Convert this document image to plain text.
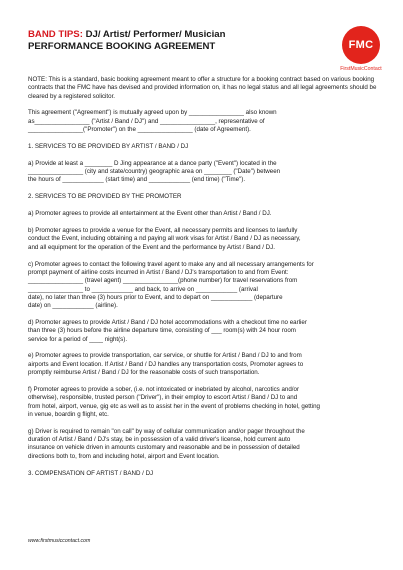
BAND TIPS: DJ/ Artist/ Performer/ Musician
PERFORMANCE BOOKING AGREEMENT	FMC
FirstMusicContact

NOTE: This is a standard, basic booking agreement meant to offer a structure for a booking contract based on various booking contracts that the FMC have has devised and provided information on, it has no legal status and all legal agreements should be cleared by a registered solicitor.

This agreement ("Agreement") is mutually agreed upon by ________________ also known

as________________ ("Artist / Band / DJ") and ________________, representative of

________________("Promoter") on the ________________ (date of Agreement).

1. SERVICES TO BE PROVIDED BY ARTIST / BAND / DJ

a) Provide at least a ________ D Jing appearance at a dance party ("Event") located in the

________________ (city and state/country) geographic area on ________ ("Date") between

the hours of ____________ (start time) and ____________ (end time) ("Time").

2. SERVICES TO BE PROVIDED BY THE PROMOTER

a) Promoter agrees to provide all entertainment at the Event other than Artist / Band / DJ.

b) Promoter agrees to provide a venue for the Event, all necessary permits and licenses to lawfully

conduct the Event, including obtaining a nd paying all work visas for Artist / Band / DJ as necessary,

and all equipment for the operation of the Event and the performance by Artist / Band / DJ.

c) Promoter agrees to contact the following travel agent to make any and all necessary arrangements for

prompt payment of airline costs incurred in Artist / Band / DJ's transportation to and from Event:

________________ (travel agent) ________________(phone number) for travel reservations from

________________ to ____________ and back, to arrive on ____________ (arrival

date), no later than three (3) hours prior to Event, and to depart on ____________ (departure

date) on ____________ (airline).

d) Promoter agrees to provide Artist / Band / DJ hotel accommodations with a checkout time no earlier

than three (3) hours before the airline departure time, consisting of ___ room(s) with 24 hour room

service for a period of ____ night(s).

e) Promoter agrees to provide transportation, car service, or shuttle for Artist / Band / DJ to and from

airports and Event location. If Artist / Band / DJ handles any transportation costs, Promoter agrees to

promptly reimburse Artist / Band / DJ for the reasonable costs of such transportation.

f) Promoter agrees to provide a sober, (i.e. not intoxicated or inebriated by alcohol, narcotics and/or

otherwise), responsible, trusted person ("Driver"), in their employ to escort Artist / Band / DJ to and

from hotel, airport, venue, gig etc as well as to assist her in the event of problems checking in hotel, getting

in venue, boardin g flight, etc.

g) Driver is required to remain "on call" by way of cellular communication and/or pager throughout the

duration of Artist / Band / DJ's stay, be in possession of a valid driver's license, hold current auto

insurance on vehicle driven in amounts customary and reasonable and be in possession of detailed

directions both to, from and including hotel, airport and Event location.

3. COMPENSATION OF ARTIST / BAND / DJ

www.firstmusiccontact.com
